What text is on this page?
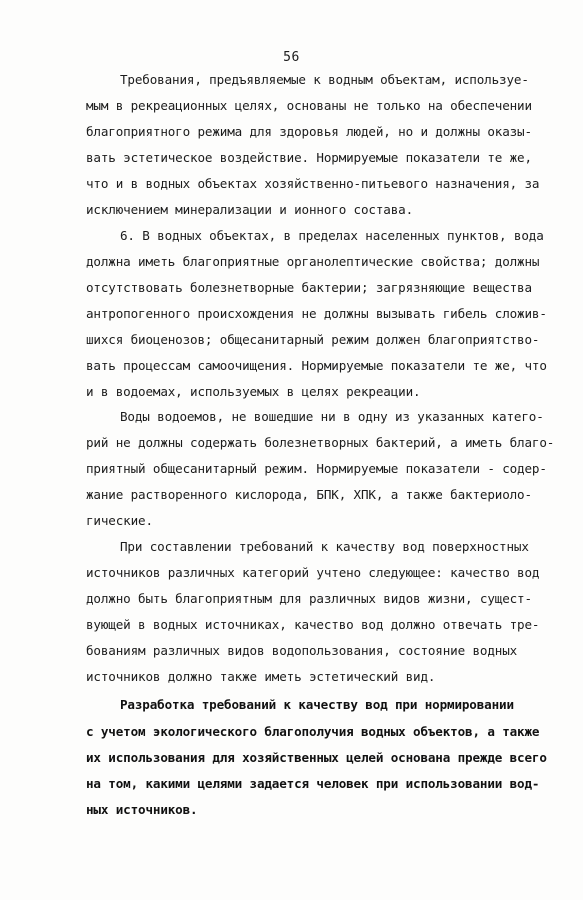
56
Требования, предъявляемые к водным объектам, используе-
мым в рекреационных целях, основаны не только на обеспечении
благоприятного режима для здоровья людей, но и должны оказы-
вать эстетическое воздействие. Нормируемые показатели те же,
что и в водных объектах хозяйственно-питьевого назначения, за
исключением минерализации и ионного состава.
6. В водных объектах, в пределах населенных пунктов, вода
должна иметь благоприятные органолептические свойства; должны
отсутствовать болезнетворные бактерии; загрязняющие вещества
антропогенного происхождения не должны вызывать гибель сложив-
шихся биоценозов; общесанитарный режим должен благоприятство-
вать процессам самоочищения. Нормируемые показатели те же, что
и в водоемах, используемых в целях рекреации.
Воды водоемов, не вошедшие ни в одну из указанных катего-
рий не должны содержать болезнетворных бактерий, а иметь благо-
приятный общесанитарный режим. Нормируемые показатели - содер-
жание растворенного кислорода, БПК, ХПК, а также бактериоло-
гические.
При составлении требований к качеству вод поверхностных
источников различных категорий учтено следующее: качество вод
должно быть благоприятным для различных видов жизни, сущест-
вующей в водных источниках, качество вод должно отвечать тре-
бованиям различных видов водопользования, состояние водных
источников должно также иметь эстетический вид.
Разработка требований к качеству вод при нормировании
с учетом экологического благополучия водных объектов, а также
их использования для хозяйственных целей основана прежде всего
на том, какими целями задается человек при использовании вод-
ных источников.
